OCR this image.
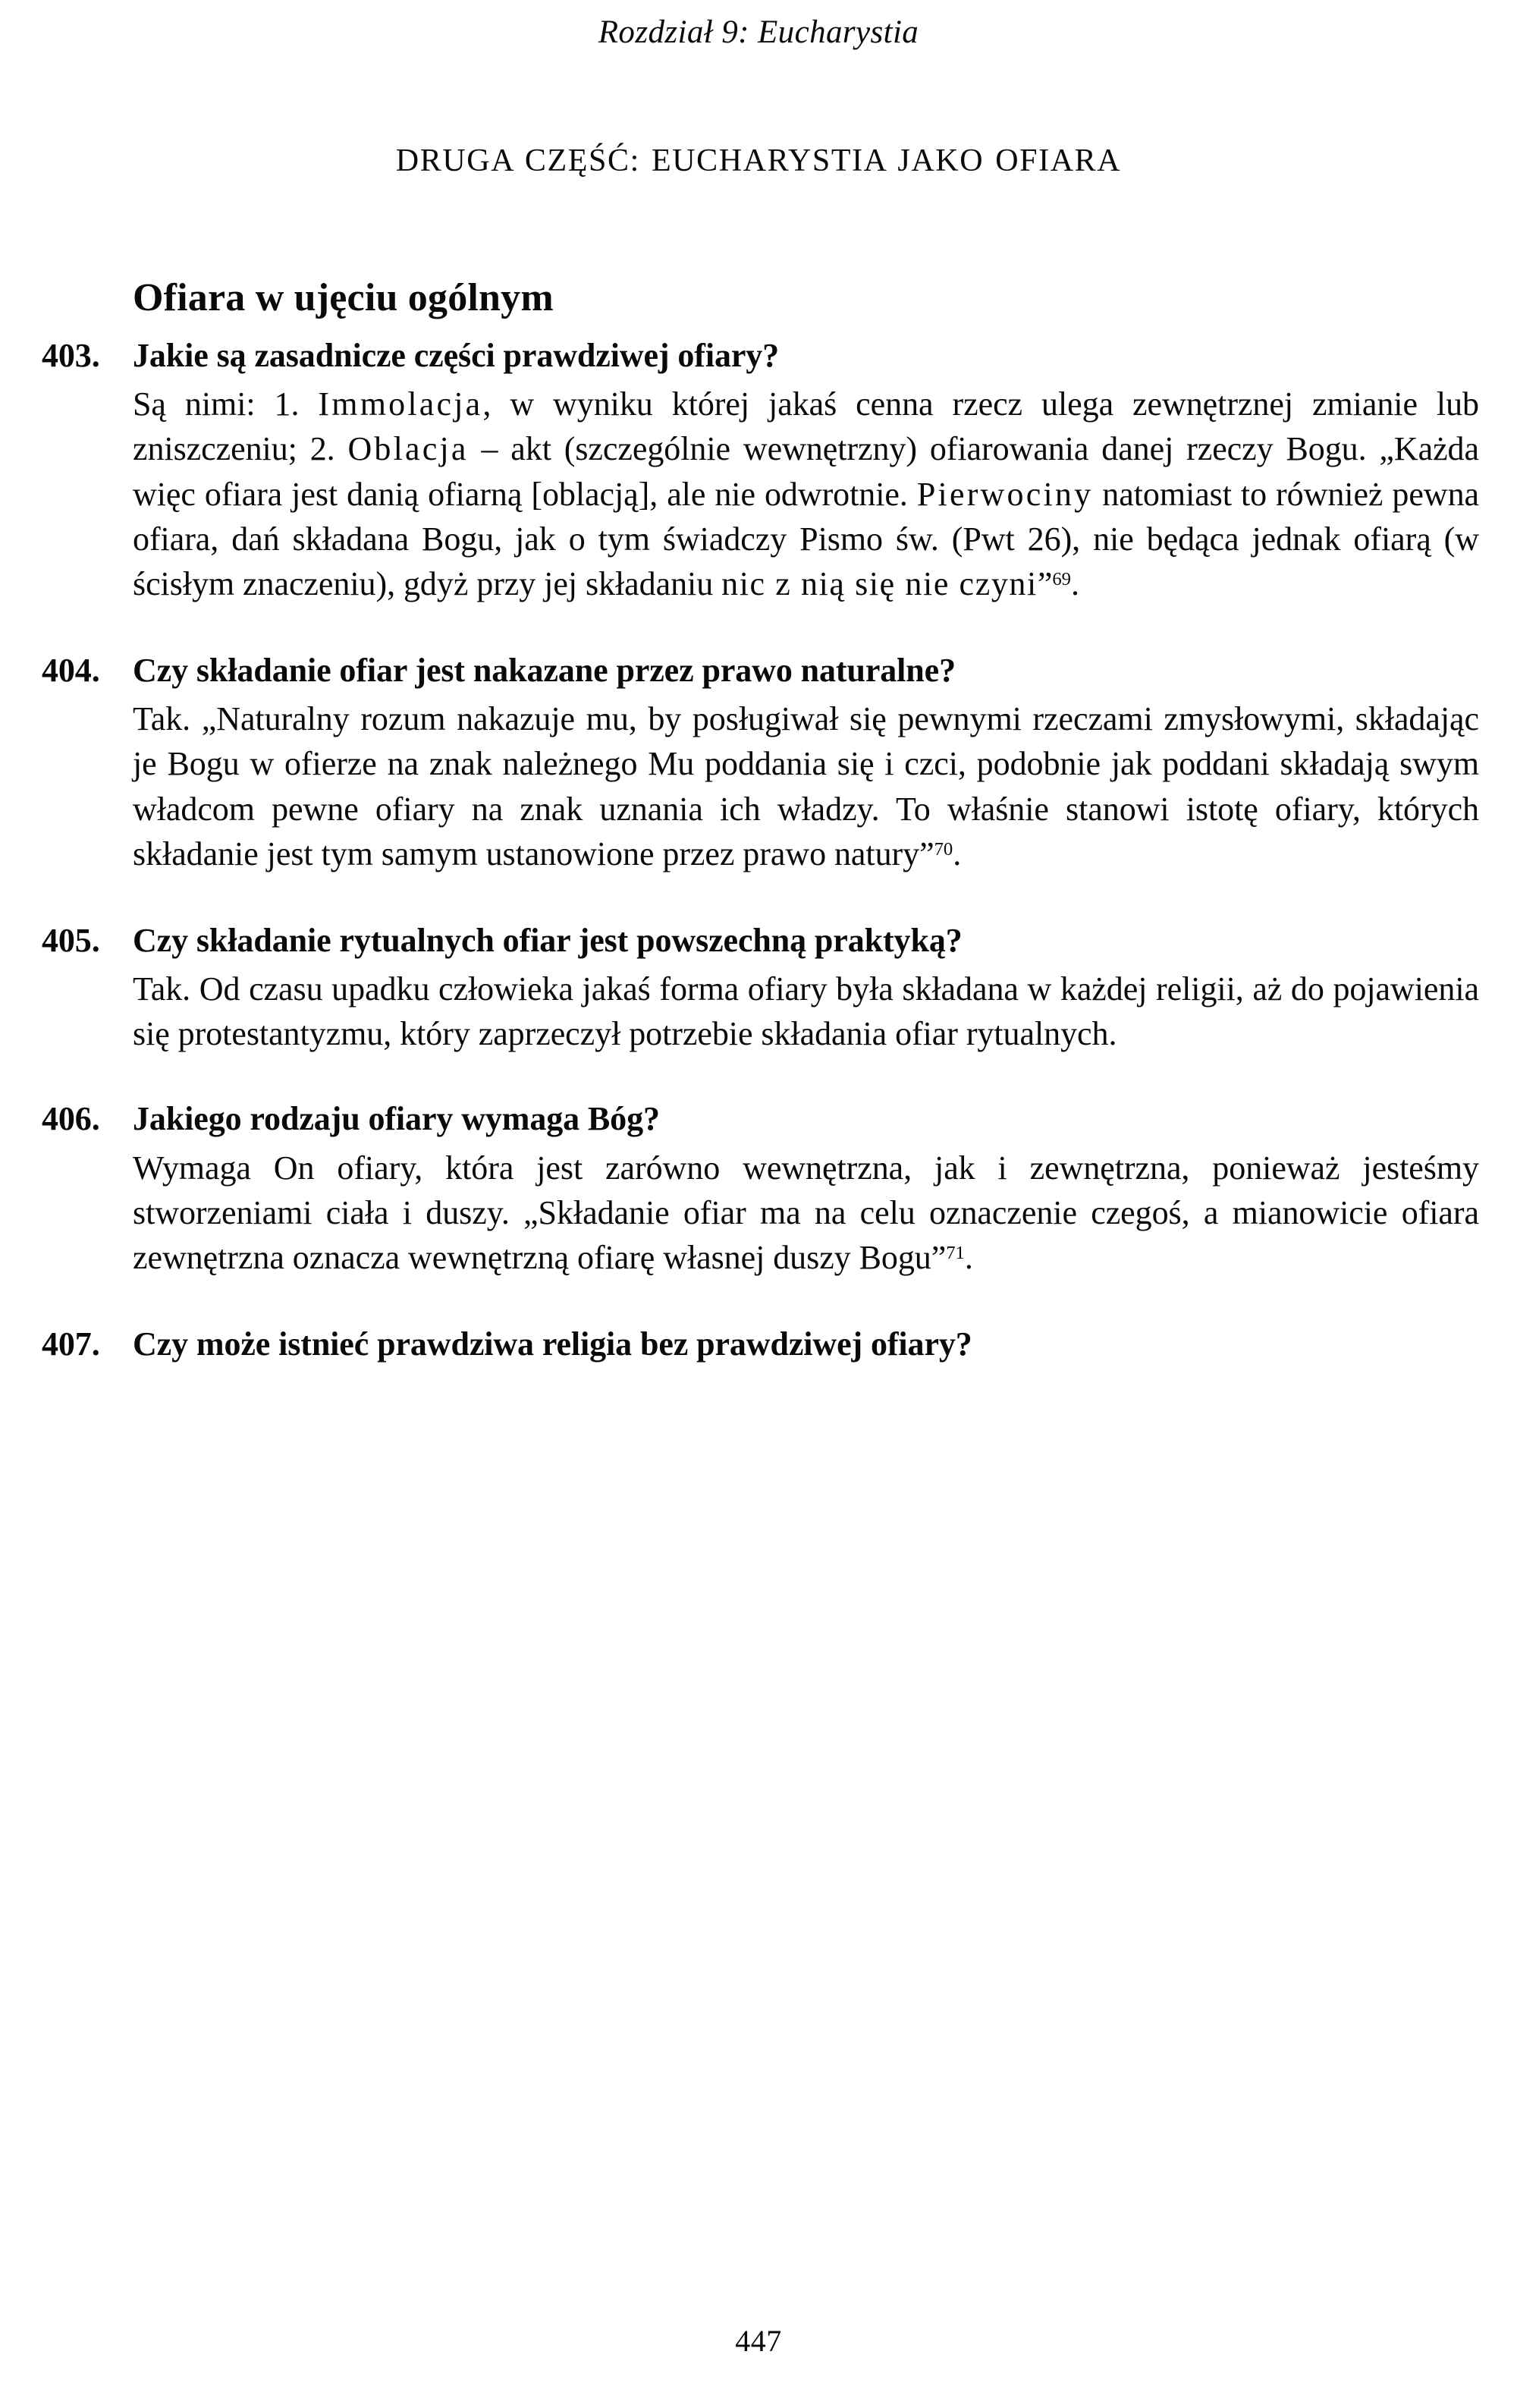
Rozdział 9: Eucharystia
DRUGA CZĘŚĆ: EUCHARYSTIA JAKO OFIARA
Ofiara w ujęciu ogólnym
403. Jakie są zasadnicze części prawdziwej ofiary?

Są nimi: 1. Immolacja, w wyniku której jakaś cenna rzecz ulega zewnętrznej zmianie lub zniszczeniu; 2. Oblacja – akt (szczególnie wewnętrzny) ofiarowania danej rzeczy Bogu. „Każda więc ofiara jest danią ofiarną [oblacją], ale nie odwrotnie. Pierwociny natomiast to również pewna ofiara, dań składana Bogu, jak o tym świadczy Pismo św. (Pwt 26), nie będąca jednak ofiarą (w ścisłym znaczeniu), gdyż przy jej składaniu nic z nią się nie czyni”$^{69}$.

404. Czy składanie ofiar jest nakazane przez prawo naturalne?

Tak. „Naturalny rozum nakazuje mu, by posługiwał się pewnymi rzeczami zmysłowymi, składając je Bogu w ofierze na znak należnego Mu poddania się i czci, podobnie jak poddani składają swym władcom pewne ofiary na znak uznania ich władzy. To właśnie stanowi istotę ofiary, których składanie jest tym samym ustanowione przez prawo natury”$^{70}$.

405. Czy składanie rytualnych ofiar jest powszechną praktyką?

Tak. Od czasu upadku człowieka jakaś forma ofiary była składana w każdej religii, aż do pojawienia się protestantyzmu, który zaprzeczył potrzebie składania ofiar rytualnych.

406. Jakiego rodzaju ofiary wymaga Bóg?

Wymaga On ofiary, która jest zarówno wewnętrzna, jak i zewnętrzna, ponieważ jesteśmy stworzeniami ciała i duszy. „Składanie ofiar ma na celu oznaczenie czegoś, a mianowicie ofiara zewnętrzna oznacza wewnętrzną ofiarę własnej duszy Bogu”$^{71}$.

407. Czy może istnieć prawdziwa religia bez prawdziwej ofiary?
447
